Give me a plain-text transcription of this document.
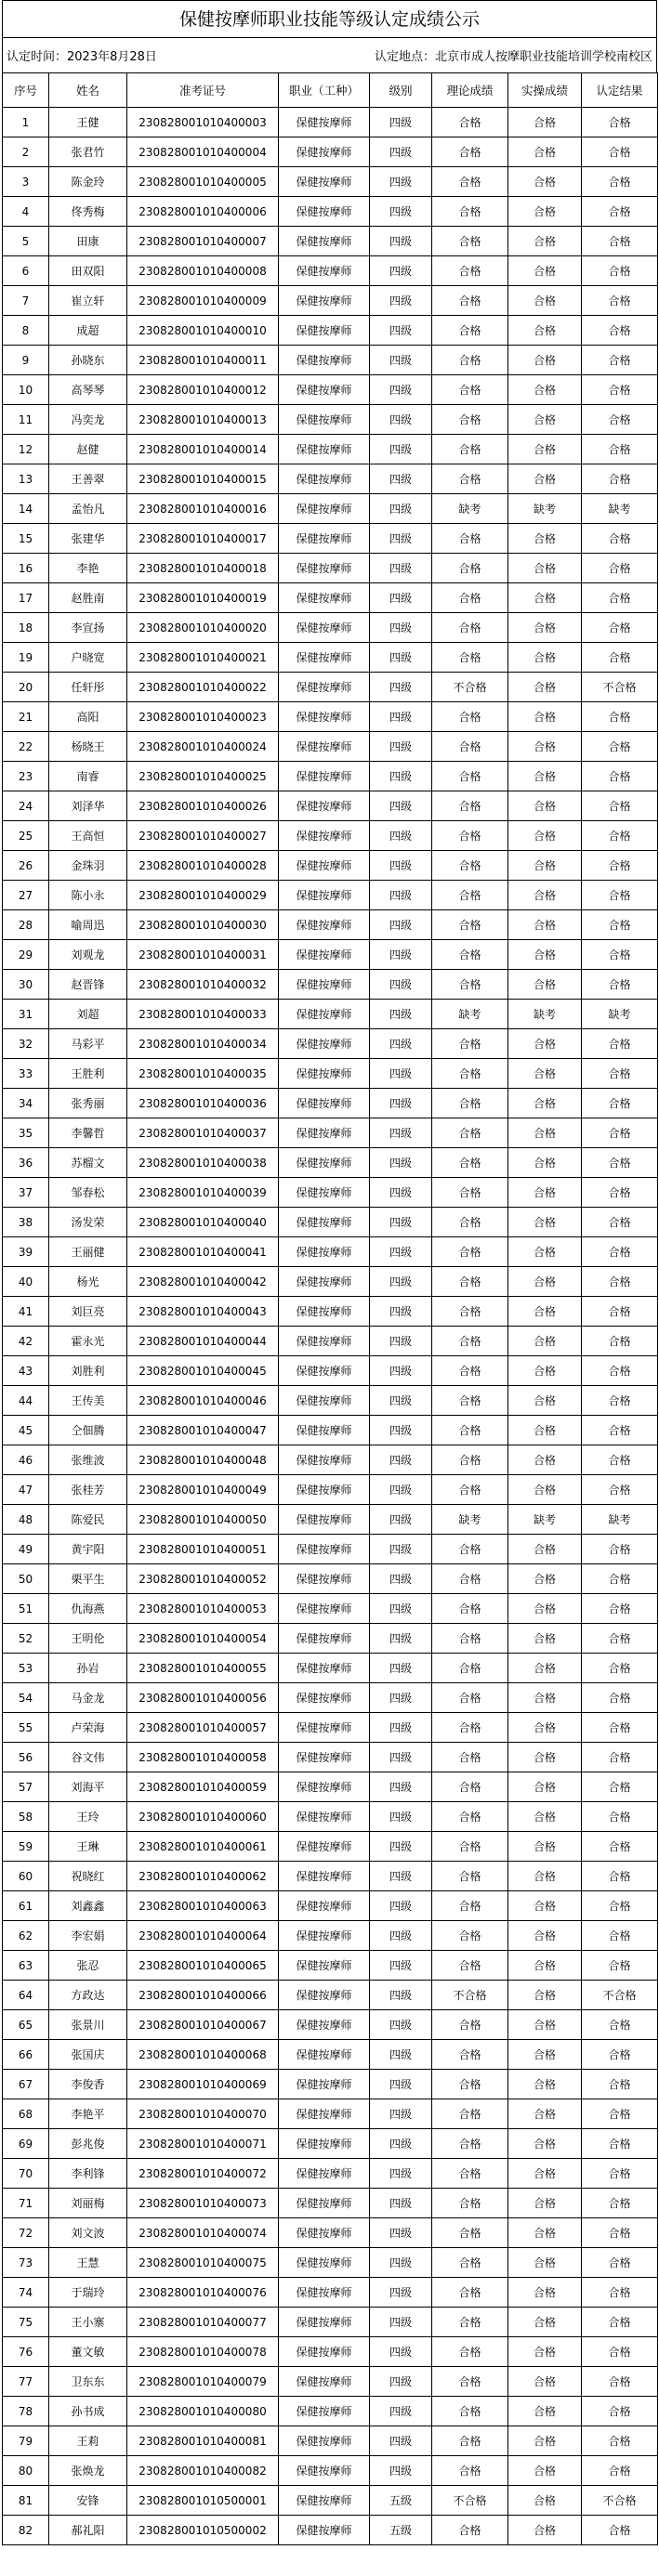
保健按摩师职业技能等级认定成绩公示
认定时间：2023年8月28日	认定地点：北京市成人按摩职业技能培训学校南校区
序号	姓名	准考证号	职业（工种）	级别	理论成绩	实操成绩	认定结果
1	王健	230828001010400003	保健按摩师	四级	合格	合格	合格
2	张君竹	230828001010400004	保健按摩师	四级	合格	合格	合格
3	陈金玲	230828001010400005	保健按摩师	四级	合格	合格	合格
4	佟秀梅	230828001010400006	保健按摩师	四级	合格	合格	合格
5	田康	230828001010400007	保健按摩师	四级	合格	合格	合格
6	田双阳	230828001010400008	保健按摩师	四级	合格	合格	合格
7	崔立轩	230828001010400009	保健按摩师	四级	合格	合格	合格
8	成超	230828001010400010	保健按摩师	四级	合格	合格	合格
9	孙晓东	230828001010400011	保健按摩师	四级	合格	合格	合格
10	高琴琴	230828001010400012	保健按摩师	四级	合格	合格	合格
11	冯奕龙	230828001010400013	保健按摩师	四级	合格	合格	合格
12	赵健	230828001010400014	保健按摩师	四级	合格	合格	合格
13	王善翠	230828001010400015	保健按摩师	四级	合格	合格	合格
14	孟怡凡	230828001010400016	保健按摩师	四级	缺考	缺考	缺考
15	张建华	230828001010400017	保健按摩师	四级	合格	合格	合格
16	李艳	230828001010400018	保健按摩师	四级	合格	合格	合格
17	赵胜南	230828001010400019	保健按摩师	四级	合格	合格	合格
18	李宣扬	230828001010400020	保健按摩师	四级	合格	合格	合格
19	户晓宽	230828001010400021	保健按摩师	四级	合格	合格	合格
20	任轩彤	230828001010400022	保健按摩师	四级	不合格	合格	不合格
21	高阳	230828001010400023	保健按摩师	四级	合格	合格	合格
22	杨晓王	230828001010400024	保健按摩师	四级	合格	合格	合格
23	南睿	230828001010400025	保健按摩师	四级	合格	合格	合格
24	刘泽华	230828001010400026	保健按摩师	四级	合格	合格	合格
25	王高恒	230828001010400027	保健按摩师	四级	合格	合格	合格
26	金珠羽	230828001010400028	保健按摩师	四级	合格	合格	合格
27	陈小永	230828001010400029	保健按摩师	四级	合格	合格	合格
28	喻周迅	230828001010400030	保健按摩师	四级	合格	合格	合格
29	刘观龙	230828001010400031	保健按摩师	四级	合格	合格	合格
30	赵晋锋	230828001010400032	保健按摩师	四级	合格	合格	合格
31	刘超	230828001010400033	保健按摩师	四级	缺考	缺考	缺考
32	马彩平	230828001010400034	保健按摩师	四级	合格	合格	合格
33	王胜利	230828001010400035	保健按摩师	四级	合格	合格	合格
34	张秀丽	230828001010400036	保健按摩师	四级	合格	合格	合格
35	李馨哲	230828001010400037	保健按摩师	四级	合格	合格	合格
36	苏榴文	230828001010400038	保健按摩师	四级	合格	合格	合格
37	邹春松	230828001010400039	保健按摩师	四级	合格	合格	合格
38	汤发荣	230828001010400040	保健按摩师	四级	合格	合格	合格
39	王丽健	230828001010400041	保健按摩师	四级	合格	合格	合格
40	杨光	230828001010400042	保健按摩师	四级	合格	合格	合格
41	刘巨亮	230828001010400043	保健按摩师	四级	合格	合格	合格
42	霍永光	230828001010400044	保健按摩师	四级	合格	合格	合格
43	刘胜利	230828001010400045	保健按摩师	四级	合格	合格	合格
44	王传美	230828001010400046	保健按摩师	四级	合格	合格	合格
45	仝佃腾	230828001010400047	保健按摩师	四级	合格	合格	合格
46	张维波	230828001010400048	保健按摩师	四级	合格	合格	合格
47	张桂芳	230828001010400049	保健按摩师	四级	合格	合格	合格
48	陈爱民	230828001010400050	保健按摩师	四级	缺考	缺考	缺考
49	黄宇阳	230828001010400051	保健按摩师	四级	合格	合格	合格
50	栗平生	230828001010400052	保健按摩师	四级	合格	合格	合格
51	仇海燕	230828001010400053	保健按摩师	四级	合格	合格	合格
52	王明伦	230828001010400054	保健按摩师	四级	合格	合格	合格
53	孙岩	230828001010400055	保健按摩师	四级	合格	合格	合格
54	马金龙	230828001010400056	保健按摩师	四级	合格	合格	合格
55	卢荣海	230828001010400057	保健按摩师	四级	合格	合格	合格
56	谷文伟	230828001010400058	保健按摩师	四级	合格	合格	合格
57	刘海平	230828001010400059	保健按摩师	四级	合格	合格	合格
58	王玲	230828001010400060	保健按摩师	四级	合格	合格	合格
59	王琳	230828001010400061	保健按摩师	四级	合格	合格	合格
60	祝晓红	230828001010400062	保健按摩师	四级	合格	合格	合格
61	刘鑫鑫	230828001010400063	保健按摩师	四级	合格	合格	合格
62	李宏娟	230828001010400064	保健按摩师	四级	合格	合格	合格
63	张忍	230828001010400065	保健按摩师	四级	合格	合格	合格
64	方政达	230828001010400066	保健按摩师	四级	不合格	合格	不合格
65	张景川	230828001010400067	保健按摩师	四级	合格	合格	合格
66	张国庆	230828001010400068	保健按摩师	四级	合格	合格	合格
67	李俊香	230828001010400069	保健按摩师	四级	合格	合格	合格
68	李艳平	230828001010400070	保健按摩师	四级	合格	合格	合格
69	彭兆俊	230828001010400071	保健按摩师	四级	合格	合格	合格
70	李利锋	230828001010400072	保健按摩师	四级	合格	合格	合格
71	刘丽梅	230828001010400073	保健按摩师	四级	合格	合格	合格
72	刘文波	230828001010400074	保健按摩师	四级	合格	合格	合格
73	王慧	230828001010400075	保健按摩师	四级	合格	合格	合格
74	于瑞玲	230828001010400076	保健按摩师	四级	合格	合格	合格
75	王小寨	230828001010400077	保健按摩师	四级	合格	合格	合格
76	董文敏	230828001010400078	保健按摩师	四级	合格	合格	合格
77	卫东东	230828001010400079	保健按摩师	四级	合格	合格	合格
78	孙书成	230828001010400080	保健按摩师	四级	合格	合格	合格
79	王莉	230828001010400081	保健按摩师	四级	合格	合格	合格
80	张焕龙	230828001010400082	保健按摩师	四级	合格	合格	合格
81	安锋	230828001010500001	保健按摩师	五级	不合格	合格	不合格
82	郝礼阳	230828001010500002	保健按摩师	五级	合格	合格	合格
